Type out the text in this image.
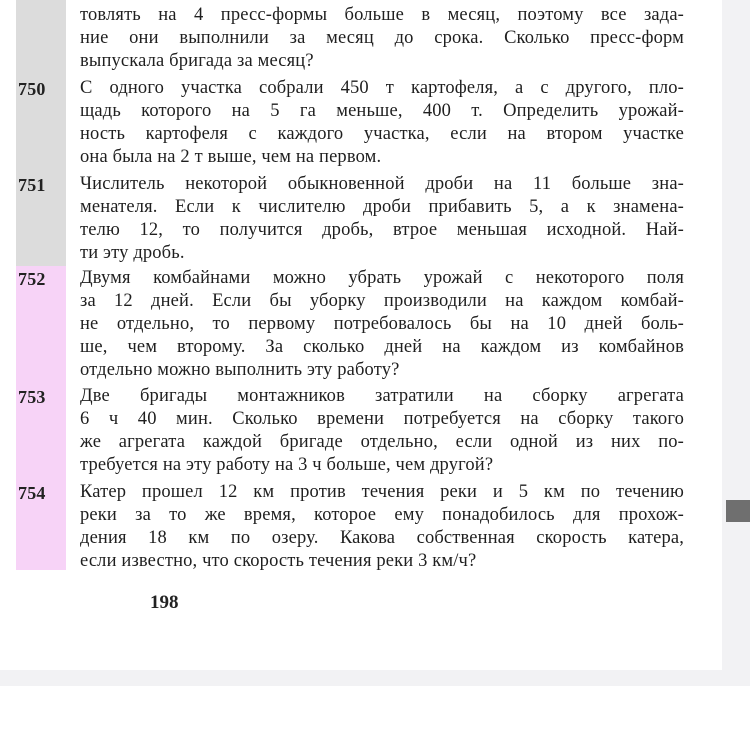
товлять на 4 пресс-формы больше в месяц, поэтому все зада-
ние они выполнили за месяц до срока. Сколько пресс-форм
выпускала бригада за месяц?
750	С одного участка собрали 450 т картофеля, а с другого, пло-
щадь которого на 5 га меньше, 400 т. Определить урожай-
ность картофеля с каждого участка, если на втором участке
она была на 2 т выше, чем на первом.
751	Числитель некоторой обыкновенной дроби на 11 больше зна-
менателя. Если к числителю дроби прибавить 5, а к знамена-
телю 12, то получится дробь, втрое меньшая исходной. Най-
ти эту дробь.
752	Двумя комбайнами можно убрать урожай с некоторого поля
за 12 дней. Если бы уборку производили на каждом комбай-
не отдельно, то первому потребовалось бы на 10 дней боль-
ше, чем второму. За сколько дней на каждом из комбайнов
отдельно можно выполнить эту работу?
753	Две бригады монтажников затратили на сборку агрегата
6 ч 40 мин. Сколько времени потребуется на сборку такого
же агрегата каждой бригаде отдельно, если одной из них по-
требуется на эту работу на 3 ч больше, чем другой?
754	Катер прошел 12 км против течения реки и 5 км по течению
реки за то же время, которое ему понадобилось для прохож-
дения 18 км по озеру. Какова собственная скорость катера,
если известно, что скорость течения реки 3 км/ч?
198
